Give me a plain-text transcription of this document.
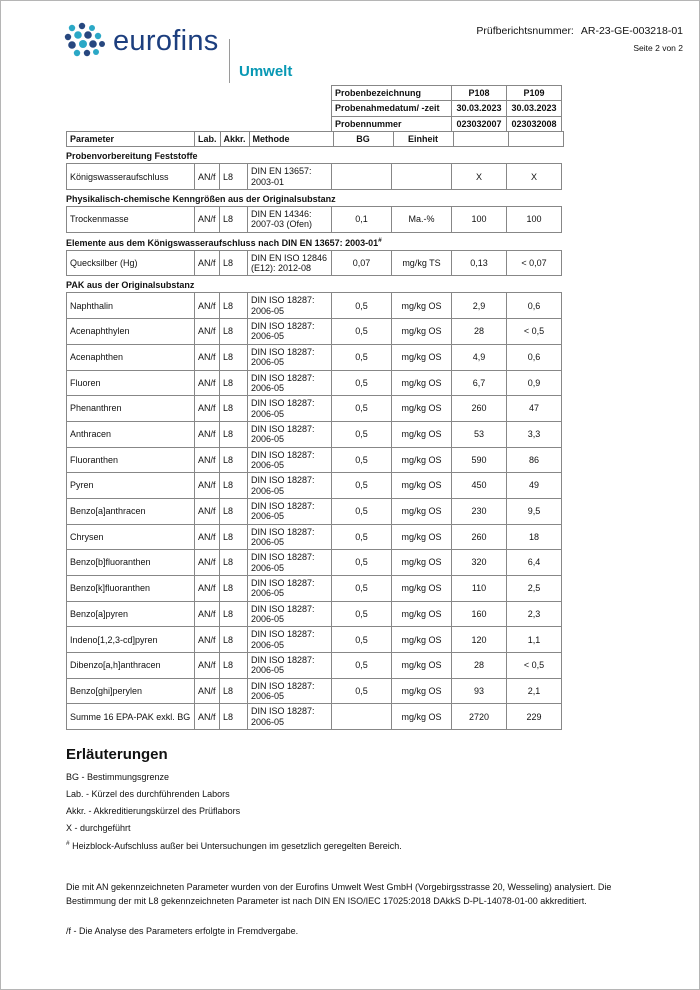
eurofins
Umwelt
Prüfberichtsnummer: AR-23-GE-003218-01
Seite 2 von 2
Probenbezeichnung	P108	P109
Probenahmedatum/ -zeit	30.03.2023	30.03.2023
Probennummer	023032007	023032008
Parameter	Lab.	Akkr.	Methode	BG	Einheit		
Probenvorbereitung Feststoffe
Königswasseraufschluss	AN/f	L8	DIN EN 13657: 2003-01			X	X
Physikalisch-chemische Kenngrößen aus der Originalsubstanz
Trockenmasse	AN/f	L8	DIN EN 14346: 2007-03 (Ofen)	0,1	Ma.-%	100	100
Elemente aus dem Königswasseraufschluss nach DIN EN 13657: 2003-01#
Quecksilber (Hg)	AN/f	L8	DIN EN ISO 12846 (E12): 2012-08	0,07	mg/kg TS	0,13	< 0,07
PAK aus der Originalsubstanz
Naphthalin	AN/f	L8	DIN ISO 18287: 2006-05	0,5	mg/kg OS	2,9	0,6
Acenaphthylen	AN/f	L8	DIN ISO 18287: 2006-05	0,5	mg/kg OS	28	< 0,5
Acenaphthen	AN/f	L8	DIN ISO 18287: 2006-05	0,5	mg/kg OS	4,9	0,6
Fluoren	AN/f	L8	DIN ISO 18287: 2006-05	0,5	mg/kg OS	6,7	0,9
Phenanthren	AN/f	L8	DIN ISO 18287: 2006-05	0,5	mg/kg OS	260	47
Anthracen	AN/f	L8	DIN ISO 18287: 2006-05	0,5	mg/kg OS	53	3,3
Fluoranthen	AN/f	L8	DIN ISO 18287: 2006-05	0,5	mg/kg OS	590	86
Pyren	AN/f	L8	DIN ISO 18287: 2006-05	0,5	mg/kg OS	450	49
Benzo[a]anthracen	AN/f	L8	DIN ISO 18287: 2006-05	0,5	mg/kg OS	230	9,5
Chrysen	AN/f	L8	DIN ISO 18287: 2006-05	0,5	mg/kg OS	260	18
Benzo[b]fluoranthen	AN/f	L8	DIN ISO 18287: 2006-05	0,5	mg/kg OS	320	6,4
Benzo[k]fluoranthen	AN/f	L8	DIN ISO 18287: 2006-05	0,5	mg/kg OS	110	2,5
Benzo[a]pyren	AN/f	L8	DIN ISO 18287: 2006-05	0,5	mg/kg OS	160	2,3
Indeno[1,2,3-cd]pyren	AN/f	L8	DIN ISO 18287: 2006-05	0,5	mg/kg OS	120	1,1
Dibenzo[a,h]anthracen	AN/f	L8	DIN ISO 18287: 2006-05	0,5	mg/kg OS	28	< 0,5
Benzo[ghi]perylen	AN/f	L8	DIN ISO 18287: 2006-05	0,5	mg/kg OS	93	2,1
Summe 16 EPA-PAK exkl. BG	AN/f	L8	DIN ISO 18287: 2006-05		mg/kg OS	2720	229
Erläuterungen
BG - Bestimmungsgrenze
Lab. - Kürzel des durchführenden Labors
Akkr. - Akkreditierungskürzel des Prüflabors
X - durchgeführt
# Heizblock-Aufschluss außer bei Untersuchungen im gesetzlich geregelten Bereich.

Die mit AN gekennzeichneten Parameter wurden von der Eurofins Umwelt West GmbH (Vorgebirgsstrasse 20, Wesseling) analysiert. Die Bestimmung der mit L8 gekennzeichneten Parameter ist nach DIN EN ISO/IEC 17025:2018 DAkkS D-PL-14078-01-00 akkreditiert.

/f - Die Analyse des Parameters erfolgte in Fremdvergabe.
